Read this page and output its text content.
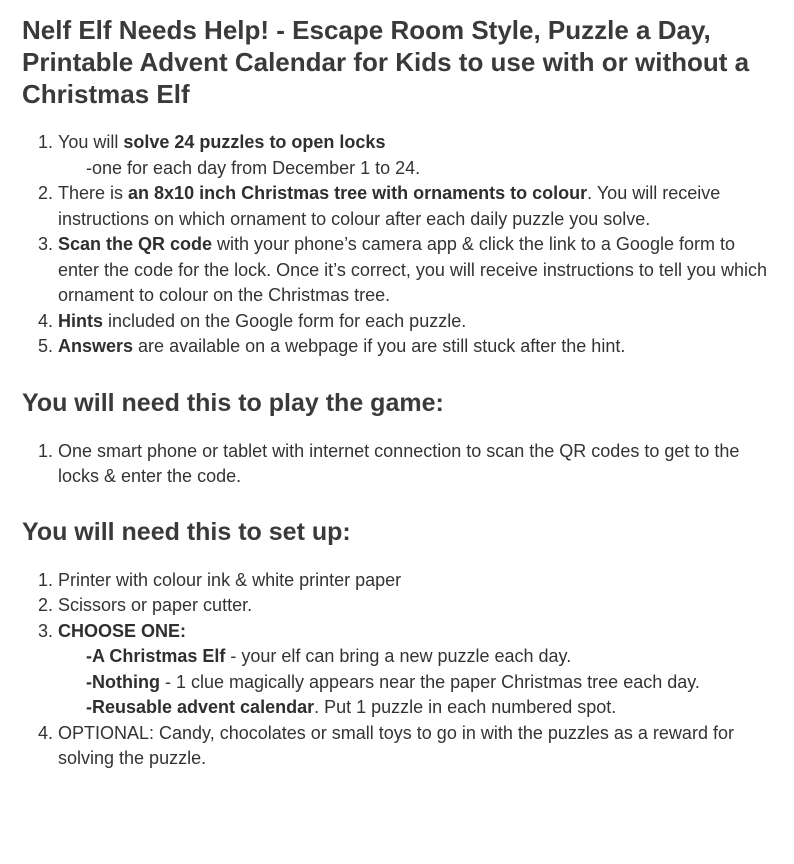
Nelf Elf Needs Help! - Escape Room Style, Puzzle a Day, Printable Advent Calendar for Kids to use with or without a Christmas Elf
1. You will solve 24 puzzles to open locks
-one for each day from December 1 to 24.
2. There is an 8x10 inch Christmas tree with ornaments to colour. You will receive instructions on which ornament to colour after each daily puzzle you solve.
3. Scan the QR code with your phone’s camera app & click the link to a Google form to enter the code for the lock. Once it’s correct, you will receive instructions to tell you which ornament to colour on the Christmas tree.
4. Hints included on the Google form for each puzzle.
5. Answers are available on a webpage if you are still stuck after the hint.
You will need this to play the game:
1. One smart phone or tablet with internet connection to scan the QR codes to get to the locks & enter the code.
You will need this to set up:
1. Printer with colour ink & white printer paper
2. Scissors or paper cutter.
3. CHOOSE ONE:
-A Christmas Elf - your elf can bring a new puzzle each day.
-Nothing - 1 clue magically appears near the paper Christmas tree each day.
-Reusable advent calendar. Put 1 puzzle in each numbered spot.
4. OPTIONAL: Candy, chocolates or small toys to go in with the puzzles as a reward for solving the puzzle.
